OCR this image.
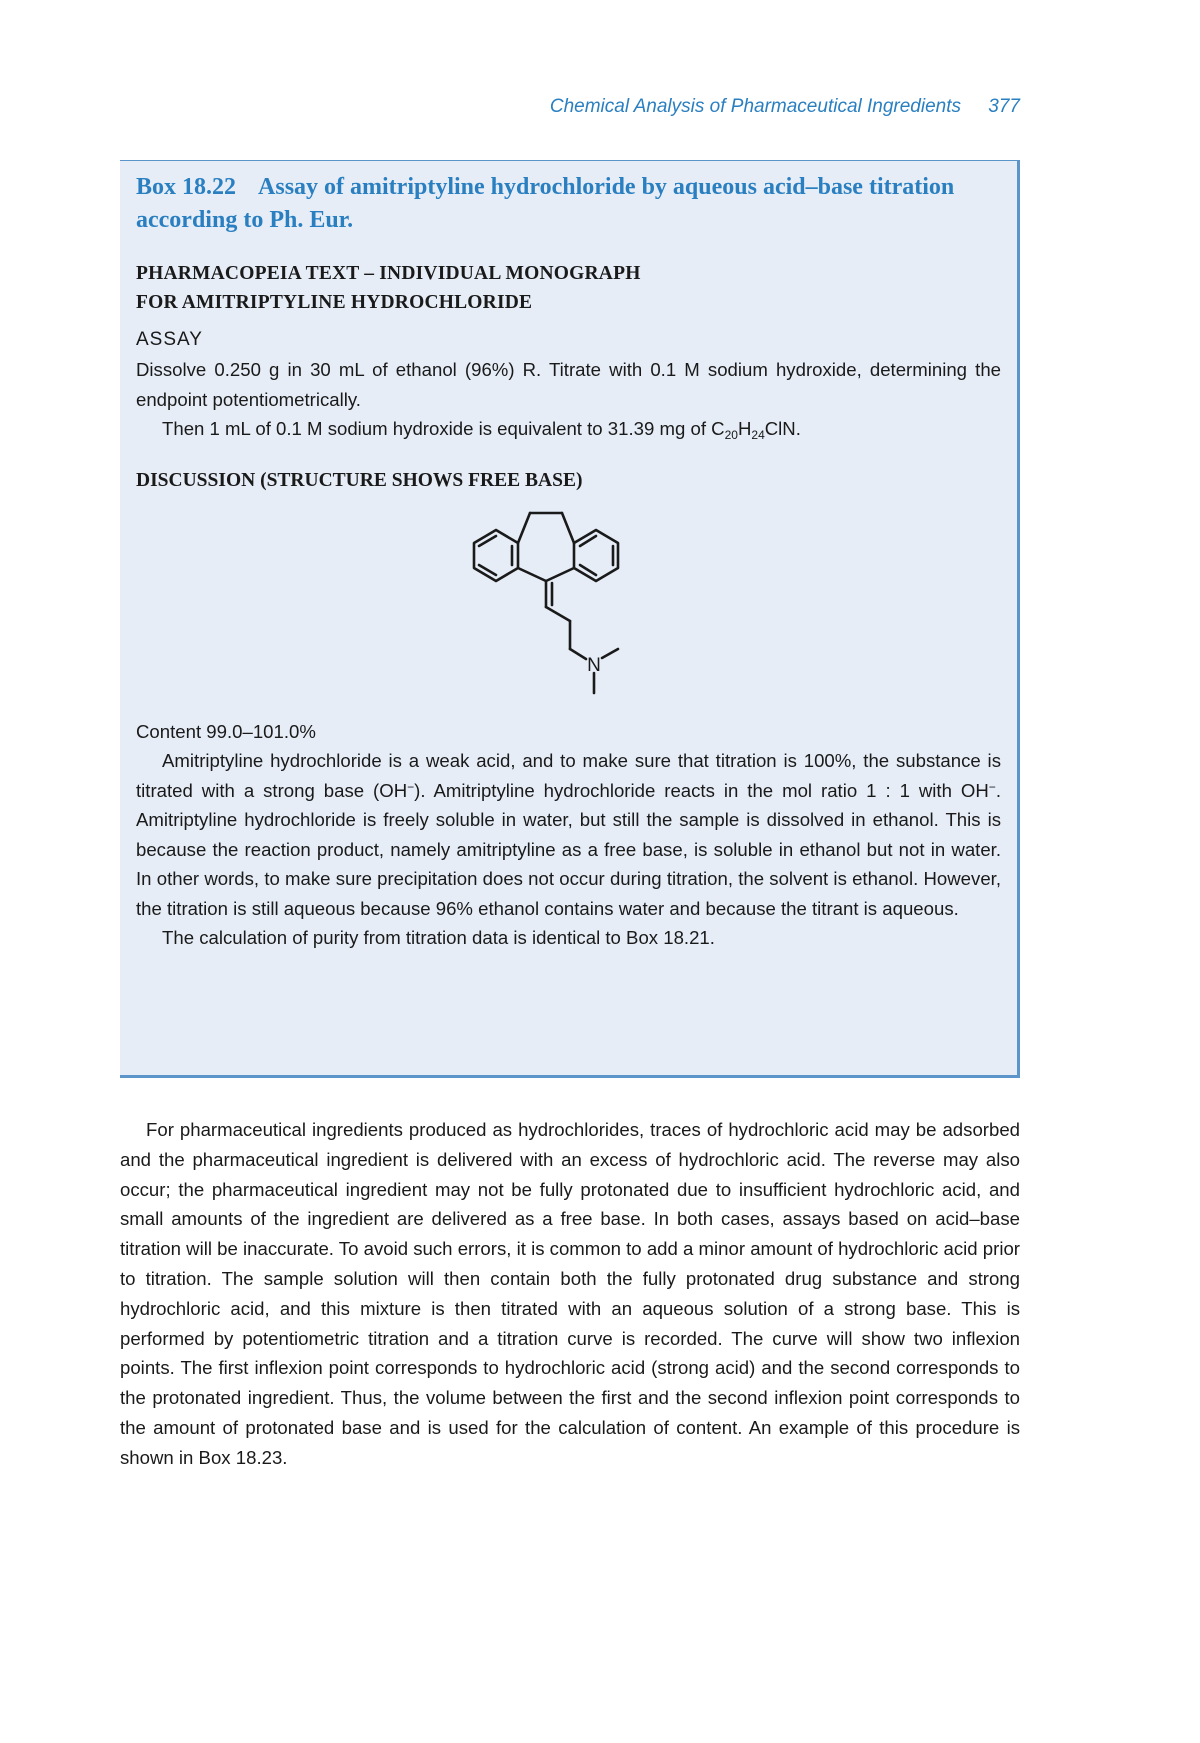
Chemical Analysis of Pharmaceutical Ingredients 377
Box 18.22 Assay of amitriptyline hydrochloride by aqueous acid–base titration according to Ph. Eur.
PHARMACOPEIA TEXT – INDIVIDUAL MONOGRAPH
FOR AMITRIPTYLINE HYDROCHLORIDE

ASSAY

Dissolve 0.250 g in 30 mL of ethanol (96%) R. Titrate with 0.1 M sodium hydroxide, determining the endpoint potentiometrically.

Then 1 mL of 0.1 M sodium hydroxide is equivalent to 31.39 mg of $C_{20}H_{24}ClN$.

DISCUSSION (STRUCTURE SHOWS FREE BASE)
N

Content 99.0–101.0%

Amitriptyline hydrochloride is a weak acid, and to make sure that titration is 100%, the substance is titrated with a strong base (OH−). Amitriptyline hydrochloride reacts in the mol ratio 1 : 1 with OH−. Amitriptyline hydrochloride is freely soluble in water, but still the sample is dissolved in ethanol. This is because the reaction product, namely amitriptyline as a free base, is soluble in ethanol but not in water. In other words, to make sure precipitation does not occur during titration, the solvent is ethanol. However, the titration is still aqueous because 96% ethanol contains water and because the titrant is aqueous.

The calculation of purity from titration data is identical to Box 18.21.

For pharmaceutical ingredients produced as hydrochlorides, traces of hydrochloric acid may be adsorbed and the pharmaceutical ingredient is delivered with an excess of hydrochloric acid. The reverse may also occur; the pharmaceutical ingredient may not be fully protonated due to insufficient hydrochloric acid, and small amounts of the ingredient are delivered as a free base. In both cases, assays based on acid–base titration will be inaccurate. To avoid such errors, it is common to add a minor amount of hydrochloric acid prior to titration. The sample solution will then contain both the fully protonated drug substance and strong hydrochloric acid, and this mixture is then titrated with an aqueous solution of a strong base. This is performed by potentiometric titration and a titration curve is recorded. The curve will show two inflexion points. The first inflexion point corresponds to hydrochloric acid (strong acid) and the second corresponds to the protonated ingredient. Thus, the volume between the first and the second inflexion point corresponds to the amount of protonated base and is used for the calculation of content. An example of this procedure is shown in Box 18.23.
